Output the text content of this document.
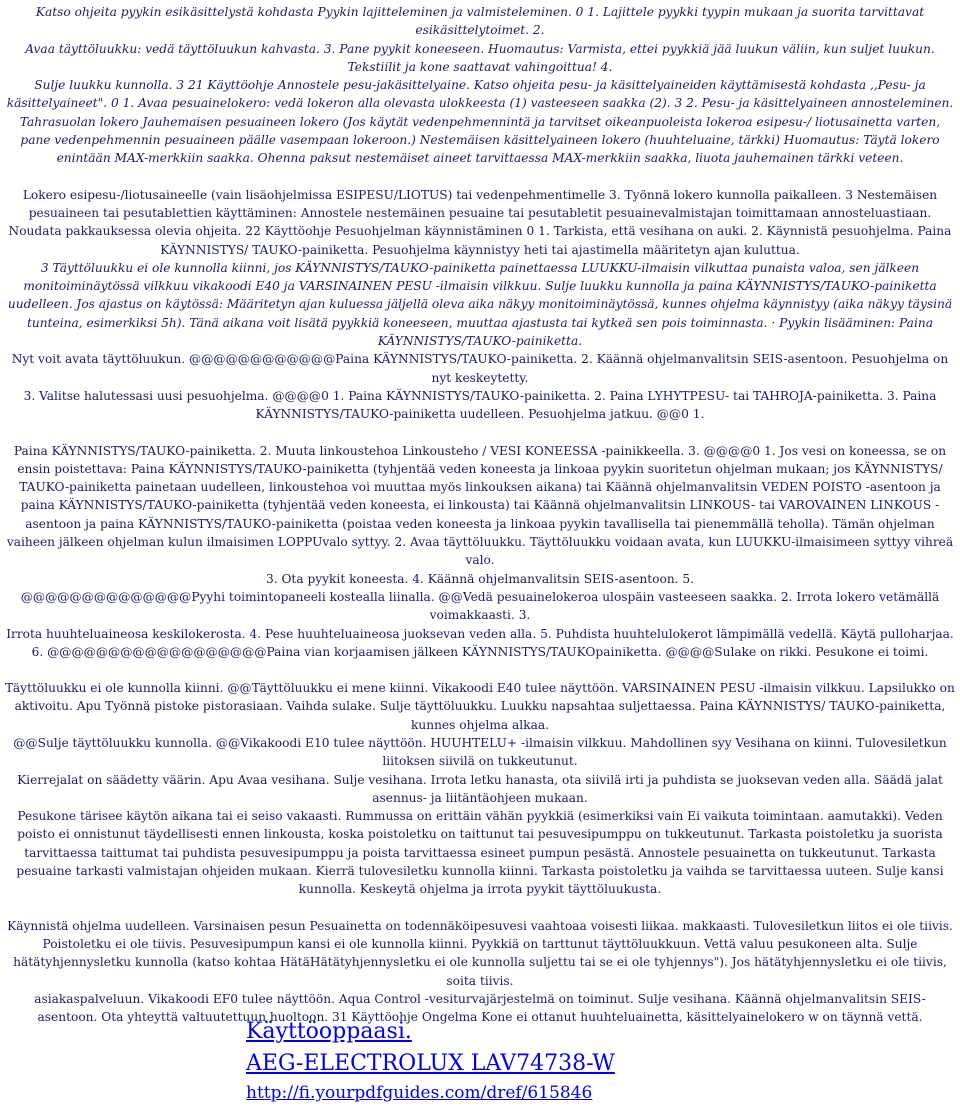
Katso ohjeita pyykin esikäsittelystä kohdasta Pyykin lajitteleminen ja valmisteleminen. 0 1. Lajittele pyykki tyypin mukaan ja suorita tarvittavat esikäsittelytoimet. 2.

Avaa täyttöluukku: vedä täyttöluukun kahvasta. 3. Pane pyykit koneeseen. Huomautus: Varmista, ettei pyykkiä jää luukun väliin, kun suljet luukun. Tekstiilit ja kone saattavat vahingoittua! 4.

Sulje luukku kunnolla. 3 21 Käyttöohje Annostele pesu-jakäsittelyaine. Katso ohjeita pesu- ja käsittelyaineiden käyttämisestä kohdasta ,,Pesu- ja käsittelyaineet". 0 1. Avaa pesuainelokero: vedä lokeron alla olevasta ulokkeesta (1) vasteeseen saakka (2). 3 2. Pesu- ja käsittelyaineen annosteleminen.

Tahrasuolan lokero Jauhemaisen pesuaineen lokero (Jos käytät vedenpehmennintä ja tarvitset oikeanpuoleista lokeroa esipesu-/ liotusainetta varten, pane vedenpehmennin pesuaineen päälle vasempaan lokeroon.) Nestemäisen käsittelyaineen lokero (huuhteluaine, tärkki) Huomautus: Täytä lokero enintään MAX-merkkiin saakka. Ohenna paksut nestemäiset aineet tarvittaessa MAX-merkkiin saakka, liuota jauhemainen tärkki veteen.

Lokero esipesu-/liotusaineelle (vain lisäohjelmissa ESIPESU/LIOTUS) tai vedenpehmentimelle 3. Työnnä lokero kunnolla paikalleen. 3 Nestemäisen pesuaineen tai pesutablettien käyttäminen: Annostele nestemäinen pesuaine tai pesutabletit pesuainevalmistajan toimittamaan annosteluastiaan. Noudata pakkauksessa olevia ohjeita. 22 Käyttöohje Pesuohjelman käynnistäminen 0 1. Tarkista, että vesihana on auki. 2. Käynnistä pesuohjelma. Paina KÄYNNISTYS/ TAUKO-painiketta. Pesuohjelma käynnistyy heti tai ajastimella määritetyn ajan kuluttua.

3 Täyttöluukku ei ole kunnolla kiinni, jos KÄYNNISTYS/TAUKO-painiketta painettaessa LUUKKU-ilmaisin vilkuttaa punaista valoa, sen jälkeen monitoiminäytössä vilkkuu vikakoodi E40 ja VARSINAINEN PESU -ilmaisin vilkkuu. Sulje luukku kunnolla ja paina KÄYNNISTYS/TAUKO-painiketta uudelleen. Jos ajastus on käytössä: Määritetyn ajan kuluessa jäljellä oleva aika näkyy monitoiminäytössä, kunnes ohjelma käynnistyy (aika näkyy täysinä tunteina, esimerkiksi 5h). Tänä aikana voit lisätä pyykkiä koneeseen, muuttaa ajastusta tai kytkeä sen pois toiminnasta. · Pyykin lisääminen: Paina KÄYNNISTYS/TAUKO-painiketta.

Nyt voit avata täyttöluukun. @@@@@@@@@@@@Paina KÄYNNISTYS/TAUKO-painiketta. 2. Käännä ohjelmanvalitsin SEIS-asentoon. Pesuohjelma on nyt keskeytetty.

3. Valitse halutessasi uusi pesuohjelma. @@@@0 1. Paina KÄYNNISTYS/TAUKO-painiketta. 2. Paina LYHYTPESU- tai TAHROJA-painiketta. 3. Paina KÄYNNISTYS/TAUKO-painiketta uudelleen. Pesuohjelma jatkuu. @@0 1.

Paina KÄYNNISTYS/TAUKO-painiketta. 2. Muuta linkoustehoa Linkousteho / VESI KONEESSA -painikkeella. 3. @@@@0 1. Jos vesi on koneessa, se on ensin poistettava: Paina KÄYNNISTYS/TAUKO-painiketta (tyhjentää veden koneesta ja linkoaa pyykin suoritetun ohjelman mukaan; jos KÄYNNISTYS/ TAUKO-painiketta painetaan uudelleen, linkoustehoa voi muuttaa myös linkouksen aikana) tai Käännä ohjelmanvalitsin VEDEN POISTO -asentoon ja paina KÄYNNISTYS/TAUKO-painiketta (tyhjentää veden koneesta, ei linkousta) tai Käännä ohjelmanvalitsin LINKOUS- tai VAROVAINEN LINKOUS -asentoon ja paina KÄYNNISTYS/TAUKO-painiketta (poistaa veden koneesta ja linkoaa pyykin tavallisella tai pienemmällä teholla). Tämän ohjelman vaiheen jälkeen ohjelman kulun ilmaisimen LOPPUvalo syttyy. 2. Avaa täyttöluukku. Täyttöluukku voidaan avata, kun LUUKKU-ilmaisimeen syttyy vihreä valo.

3. Ota pyykit koneesta. 4. Käännä ohjelmanvalitsin SEIS-asentoon. 5.

@@@@@@@@@@@@@@Pyyhi toimintopaneeli kostealla liinalla. @@Vedä pesuainelokeroa ulospäin vasteeseen saakka. 2. Irrota lokero vetämällä voimakkaasti. 3.

Irrota huuhteluaineosa keskilokerosta. 4. Pese huuhteluaineosa juoksevan veden alla. 5. Puhdista huuhtelulokerot lämpimällä vedellä. Käytä pulloharjaa. 6. @@@@@@@@@@@@@@@@@@Paina vian korjaamisen jälkeen KÄYNNISTYS/TAUKOpainiketta. @@@@Sulake on rikki. Pesukone ei toimi.

Täyttöluukku ei ole kunnolla kiinni. @@Täyttöluukku ei mene kiinni. Vikakoodi E40 tulee näyttöön. VARSINAINEN PESU -ilmaisin vilkkuu. Lapsilukko on aktivoitu. Apu Työnnä pistoke pistorasiaan. Vaihda sulake. Sulje täyttöluukku. Luukku napsahtaa suljettaessa. Paina KÄYNNISTYS/ TAUKO-painiketta, kunnes ohjelma alkaa.

@@Sulje täyttöluukku kunnolla. @@Vikakoodi E10 tulee näyttöön. HUUHTELU+ -ilmaisin vilkkuu. Mahdollinen syy Vesihana on kiinni. Tulovesiletkun liitoksen siivilä on tukkeutunut.

Kierrejalat on säädetty väärin. Apu Avaa vesihana. Sulje vesihana. Irrota letku hanasta, ota siivilä irti ja puhdista se juoksevan veden alla. Säädä jalat asennus- ja liitäntäohjeen mukaan.

Pesukone tärisee käytön aikana tai ei seiso vakaasti. Rummussa on erittäin vähän pyykkiä (esimerkiksi vain Ei vaikuta toimintaan. aamutakki). Veden poisto ei onnistunut täydellisesti ennen linkousta, koska poistoletku on taittunut tai pesuvesipumppu on tukkeutunut. Tarkasta poistoletku ja suorista tarvittaessa taittumat tai puhdista pesuvesipumppu ja poista tarvittaessa esineet pumpun pesästä. Annostele pesuainetta on tukkeutunut. Tarkasta pesuaine tarkasti valmistajan ohjeiden mukaan. Kierrä tulovesiletku kunnolla kiinni. Tarkasta poistoletku ja vaihda se tarvittaessa uuteen. Sulje kansi kunnolla. Keskeytä ohjelma ja irrota pyykit täyttöluukusta.

Käynnistä ohjelma uudelleen. Varsinaisen pesun Pesuainetta on todennäköipesuvesi vaahtoaa voisesti liikaa. makkaasti. Tulovesiletkun liitos ei ole tiivis. Poistoletku ei ole tiivis. Pesuvesipumpun kansi ei ole kunnolla kiinni. Pyykkiä on tarttunut täyttöluukkuun. Vettä valuu pesukoneen alta. Sulje hätätyhjennysletku kunnolla (katso kohtaa HätäHätätyhjennysletku ei ole kunnolla suljettu tai se ei ole tyhjennys"). Jos hätätyhjennysletku ei ole tiivis, soita tiivis.

asiakaspalveluun. Vikakoodi EF0 tulee näyttöön. Aqua Control -vesiturvajärjestelmä on toiminut. Sulje vesihana. Käännä ohjelmanvalitsin SEIS-asentoon. Ota yhteyttä valtuutettuun huoltoon. 31 Käyttöohje Ongelma Kone ei ottanut huuhteluainetta, käsittelyainelokero w on täynnä vettä.

Käyttöoppaasi.
AEG-ELECTROLUX LAV74738-W
http://fi.yourpdfguides.com/dref/615846
